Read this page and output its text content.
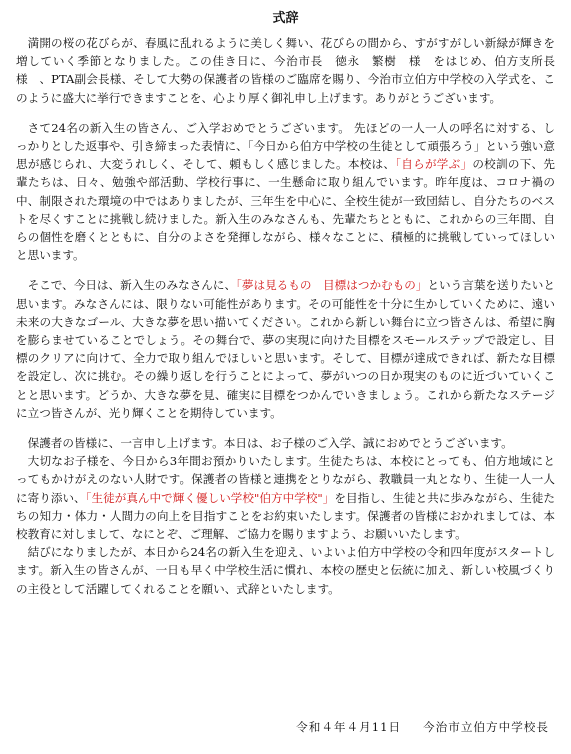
式辞

満開の桜の花びらが、春風に乱れるように美しく舞い、花びらの間から、すがすがしい新緑が輝きを増していく季節となりました。この佳き日に、今治市長　徳永　繁樹　様　をはじめ、伯方支所長様　、PTA副会長様、そして大勢の保護者の皆様のご臨席を賜り、今治市立伯方中学校の入学式を、このように盛大に挙行できますことを、心より厚く御礼申し上げます。ありがとうございます。

さて24名の新入生の皆さん、ご入学おめでとうございます。 先ほどの一人一人の呼名に対する、しっかりとした返事や、引き締まった表情に、「今日から伯方中学校の生徒として頑張ろう」という強い意思が感じられ、大変うれしく、そして、頼もしく感じました。本校は、「自らが学ぶ」の校訓の下、先輩たちは、日々、勉強や部活動、学校行事に、一生懸命に取り組んでいます。昨年度は、コロナ禍の中、制限された環境の中ではありましたが、三年生を中心に、全校生徒が一致団結し、自分たちのベストを尽くすことに挑戦し続けました。新入生のみなさんも、先輩たちとともに、これからの三年間、自らの個性を磨くとともに、自分のよさを発揮しながら、様々なことに、積極的に挑戦していってほしいと思います。

そこで、今日は、新入生のみなさんに、「夢は見るもの　目標はつかむもの」という言葉を送りたいと思います。みなさんには、限りない可能性があります。その可能性を十分に生かしていくために、遠い未来の大きなゴール、大きな夢を思い描いてください。これから新しい舞台に立つ皆さんは、希望に胸を膨らませていることでしょう。その舞台で、夢の実現に向けた目標をスモールステップで設定し、目標のクリアに向けて、全力で取り組んでほしいと思います。そして、目標が達成できれば、新たな目標を設定し、次に挑む。その繰り返しを行うことによって、夢がいつの日か現実のものに近づいていくことと思います。どうか、大きな夢を見、確実に目標をつかんでいきましょう。これから新たなステージに立つ皆さんが、光り輝くことを期待しています。

保護者の皆様に、一言申し上げます。本日は、お子様のご入学、誠におめでとうございます。

大切なお子様を、今日から3年間お預かりいたします。生徒たちは、本校にとっても、伯方地域にとってもかけがえのない人財です。保護者の皆様と連携をとりながら、教職員一丸となり、生徒一人一人に寄り添い、「生徒が真ん中で輝く優しい学校"伯方中学校"」を目指し、生徒と共に歩みながら、生徒たちの知力・体力・人間力の向上を目指すことをお約束いたします。保護者の皆様におかれましては、本校教育に対しまして、なにとぞ、ご理解、ご協力を賜りますよう、お願いいたします。

結びになりましたが、本日から24名の新入生を迎え、いよいよ伯方中学校の令和四年度がスタートします。新入生の皆さんが、一日も早く中学校生活に慣れ、本校の歴史と伝統に加え、新しい校風づくりの主役として活躍してくれることを願い、式辞といたします。

令和４年４月11日 今治市立伯方中学校長
